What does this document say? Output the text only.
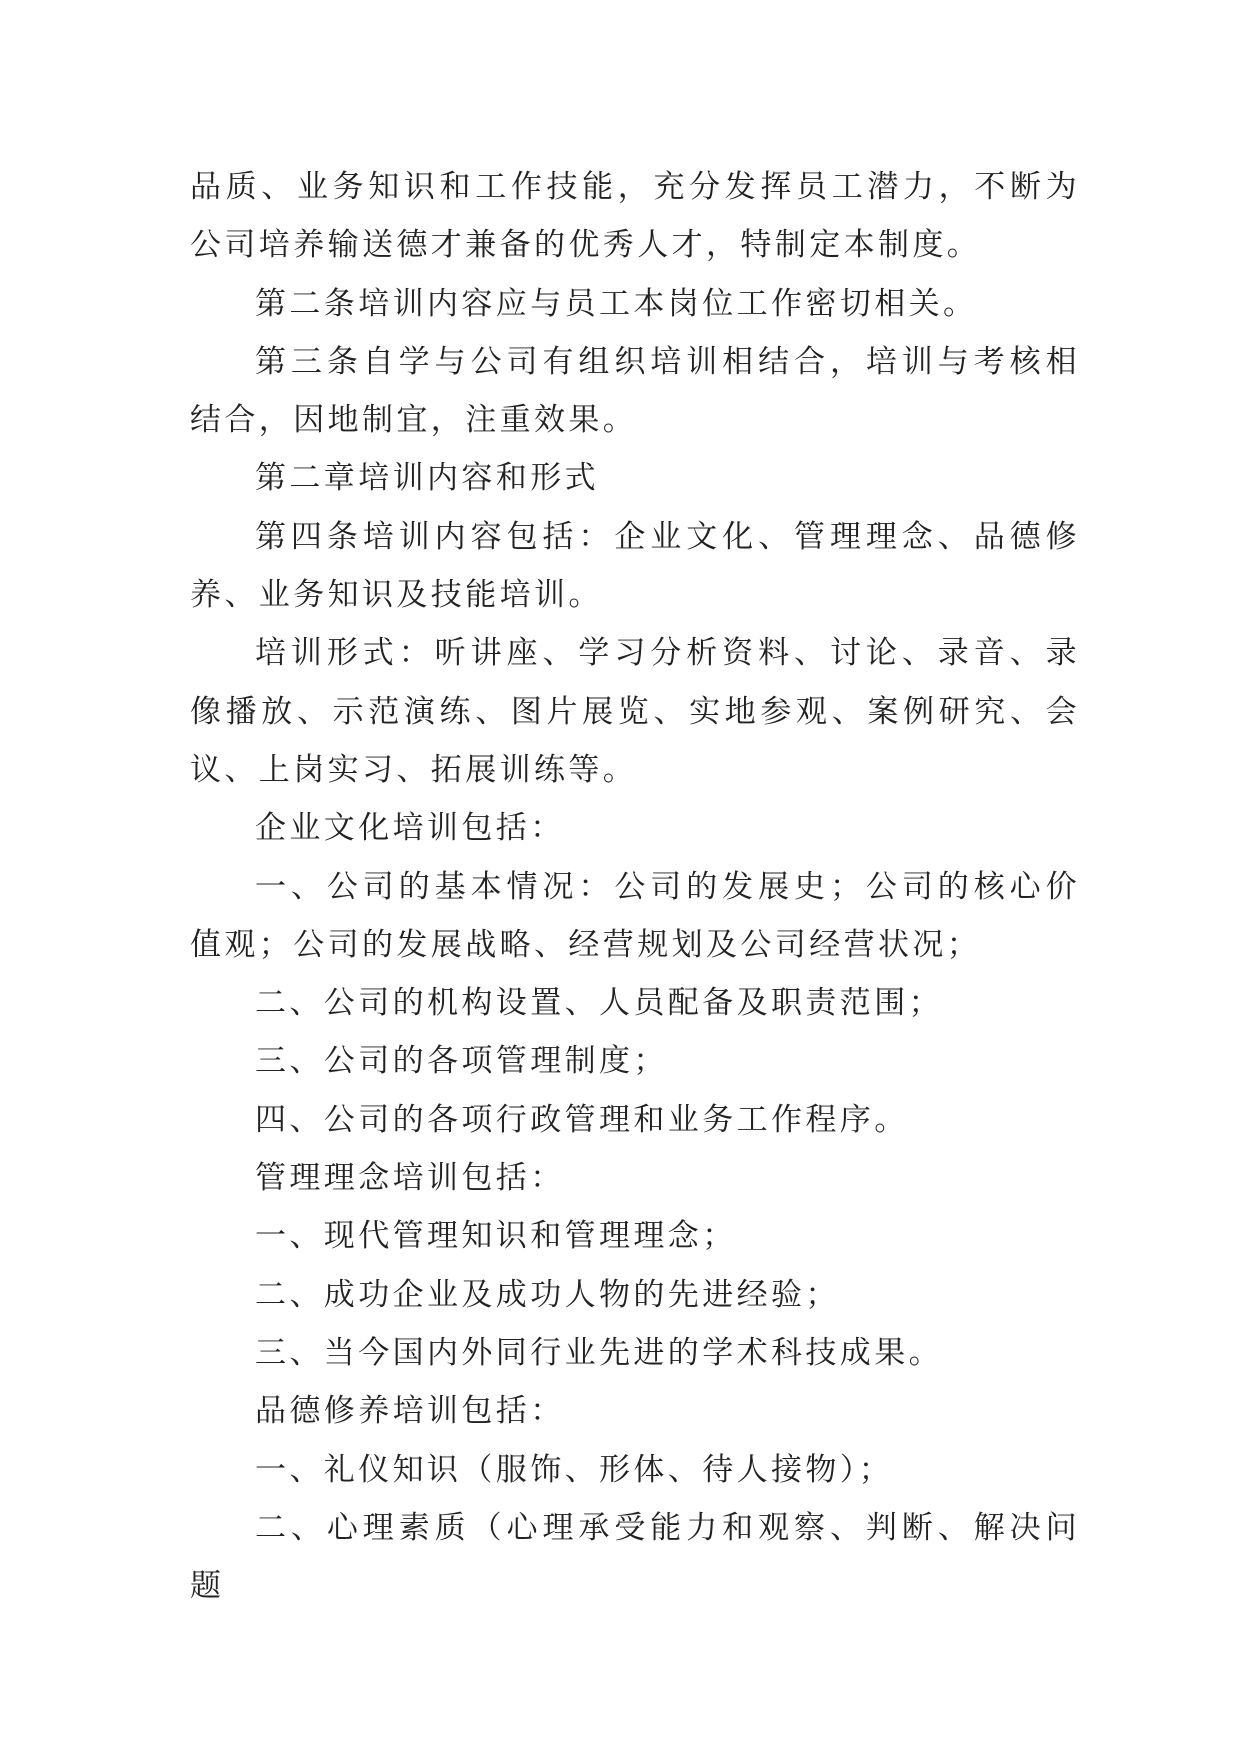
品质、业务知识和工作技能，充分发挥员工潜力，不断为公司培养输送德才兼备的优秀人才，特制定本制度。

第二条培训内容应与员工本岗位工作密切相关。

第三条自学与公司有组织培训相结合，培训与考核相结合，因地制宜，注重效果。

第二章培训内容和形式

第四条培训内容包括：企业文化、管理理念、品德修养、业务知识及技能培训。

培训形式：听讲座、学习分析资料、讨论、录音、录像播放、示范演练、图片展览、实地参观、案例研究、会议、上岗实习、拓展训练等。

企业文化培训包括：

一、公司的基本情况：公司的发展史；公司的核心价值观；公司的发展战略、经营规划及公司经营状况；

二、公司的机构设置、人员配备及职责范围；

三、公司的各项管理制度；

四、公司的各项行政管理和业务工作程序。

管理理念培训包括：

一、现代管理知识和管理理念；

二、成功企业及成功人物的先进经验；

三、当今国内外同行业先进的学术科技成果。

品德修养培训包括：

一、礼仪知识（服饰、形体、待人接物）；

二、心理素质（心理承受能力和观察、判断、解决问题
